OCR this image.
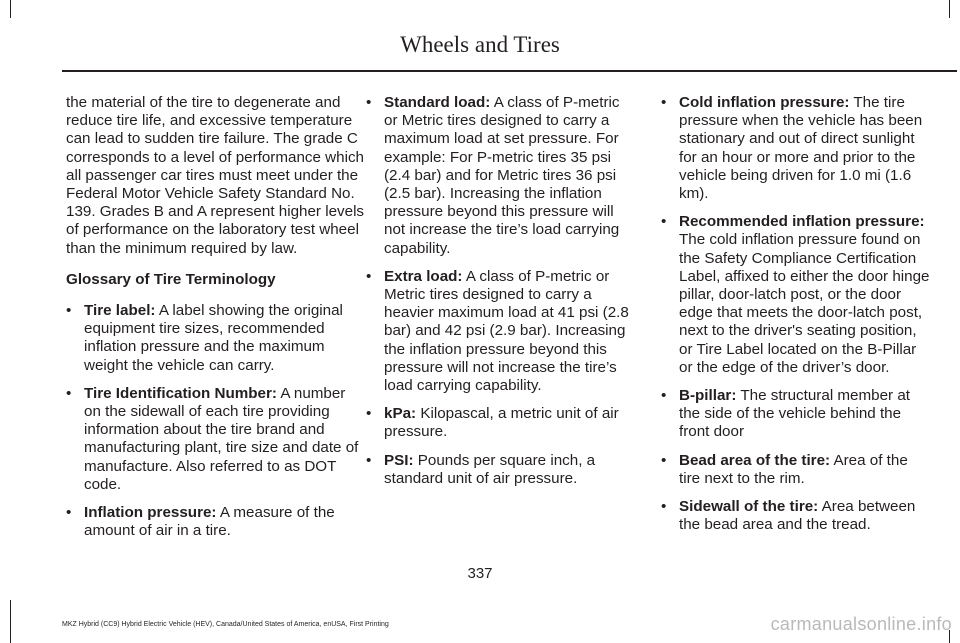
Wheels and Tires

the material of the tire to degenerate and reduce tire life, and excessive temperature can lead to sudden tire failure. The grade C corresponds to a level of performance which all passenger car tires must meet under the Federal Motor Vehicle Safety Standard No. 139. Grades B and A represent higher levels of performance on the laboratory test wheel than the minimum required by law.

Glossary of Tire Terminology
• Tire label: A label showing the original equipment tire sizes, recommended inflation pressure and the maximum weight the vehicle can carry.
• Tire Identification Number: A number on the sidewall of each tire providing information about the tire brand and manufacturing plant, tire size and date of manufacture. Also referred to as DOT code.
• Inflation pressure: A measure of the amount of air in a tire.
• Standard load: A class of P-metric or Metric tires designed to carry a maximum load at set pressure. For example: For P-metric tires 35 psi (2.4 bar) and for Metric tires 36 psi (2.5 bar). Increasing the inflation pressure beyond this pressure will not increase the tire’s load carrying capability.
• Extra load: A class of P-metric or Metric tires designed to carry a heavier maximum load at 41 psi (2.8 bar) and 42 psi (2.9 bar). Increasing the inflation pressure beyond this pressure will not increase the tire’s load carrying capability.
• kPa: Kilopascal, a metric unit of air pressure.
• PSI: Pounds per square inch, a standard unit of air pressure.
• Cold inflation pressure: The tire pressure when the vehicle has been stationary and out of direct sunlight for an hour or more and prior to the vehicle being driven for 1.0 mi (1.6 km).
• Recommended inflation pressure: The cold inflation pressure found on the Safety Compliance Certification Label, affixed to either the door hinge pillar, door-latch post, or the door edge that meets the door-latch post, next to the driver's seating position, or Tire Label located on the B-Pillar or the edge of the driver’s door.
• B-pillar: The structural member at the side of the vehicle behind the front door
• Bead area of the tire: Area of the tire next to the rim.
• Sidewall of the tire: Area between the bead area and the tread.
337
MKZ Hybrid (CC9) Hybrid Electric Vehicle (HEV), Canada/United States of America, enUSA, First Printing	carmanualsonline.info
